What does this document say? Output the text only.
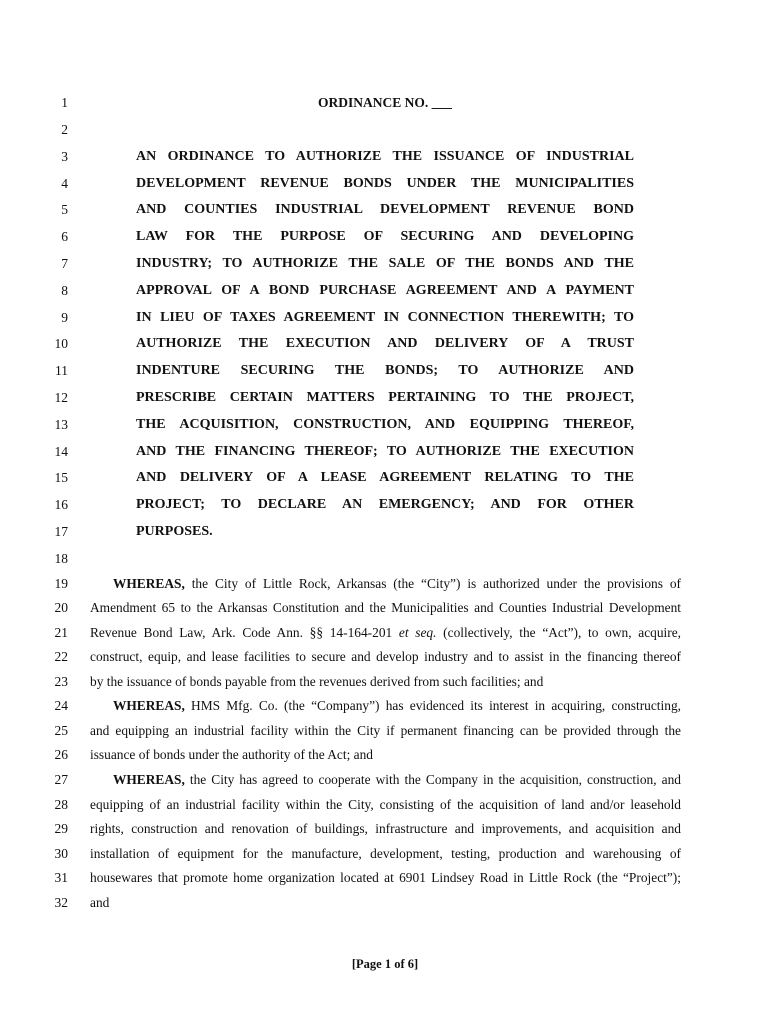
1
2
3
4
5
6
7
8
9
10
11
12
13
14
15
16
17
18
19
20
21
22
23
24
25
26
27
28
29
30
31
32
ORDINANCE NO. ___
AN ORDINANCE TO AUTHORIZE THE ISSUANCE OF INDUSTRIAL
DEVELOPMENT REVENUE BONDS UNDER THE MUNICIPALITIES
AND COUNTIES INDUSTRIAL DEVELOPMENT REVENUE BOND
LAW FOR THE PURPOSE OF SECURING AND DEVELOPING
INDUSTRY; TO AUTHORIZE THE SALE OF THE BONDS AND THE
APPROVAL OF A BOND PURCHASE AGREEMENT AND A PAYMENT
IN LIEU OF TAXES AGREEMENT IN CONNECTION THEREWITH; TO
AUTHORIZE THE EXECUTION AND DELIVERY OF A TRUST
INDENTURE SECURING THE BONDS; TO AUTHORIZE AND
PRESCRIBE CERTAIN MATTERS PERTAINING TO THE PROJECT,
THE ACQUISITION, CONSTRUCTION, AND EQUIPPING THEREOF,
AND THE FINANCING THEREOF; TO AUTHORIZE THE EXECUTION
AND DELIVERY OF A LEASE AGREEMENT RELATING TO THE
PROJECT; TO DECLARE AN EMERGENCY; AND FOR OTHER
PURPOSES.
WHEREAS, the City of Little Rock, Arkansas (the “City”) is authorized under the provisions of
Amendment 65 to the Arkansas Constitution and the Municipalities and Counties Industrial Development
Revenue Bond Law, Ark. Code Ann. §§ 14-164-201 et seq. (collectively, the “Act”), to own, acquire,
construct, equip, and lease facilities to secure and develop industry and to assist in the financing thereof
by the issuance of bonds payable from the revenues derived from such facilities; and
WHEREAS, HMS Mfg. Co. (the “Company”) has evidenced its interest in acquiring, constructing,
and equipping an industrial facility within the City if permanent financing can be provided through the
issuance of bonds under the authority of the Act; and
WHEREAS, the City has agreed to cooperate with the Company in the acquisition, construction, and
equipping of an industrial facility within the City, consisting of the acquisition of land and/or leasehold
rights, construction and renovation of buildings, infrastructure and improvements, and acquisition and
installation of equipment for the manufacture, development, testing, production and warehousing of
housewares that promote home organization located at 6901 Lindsey Road in Little Rock (the “Project”);
and
[Page 1 of 6]
